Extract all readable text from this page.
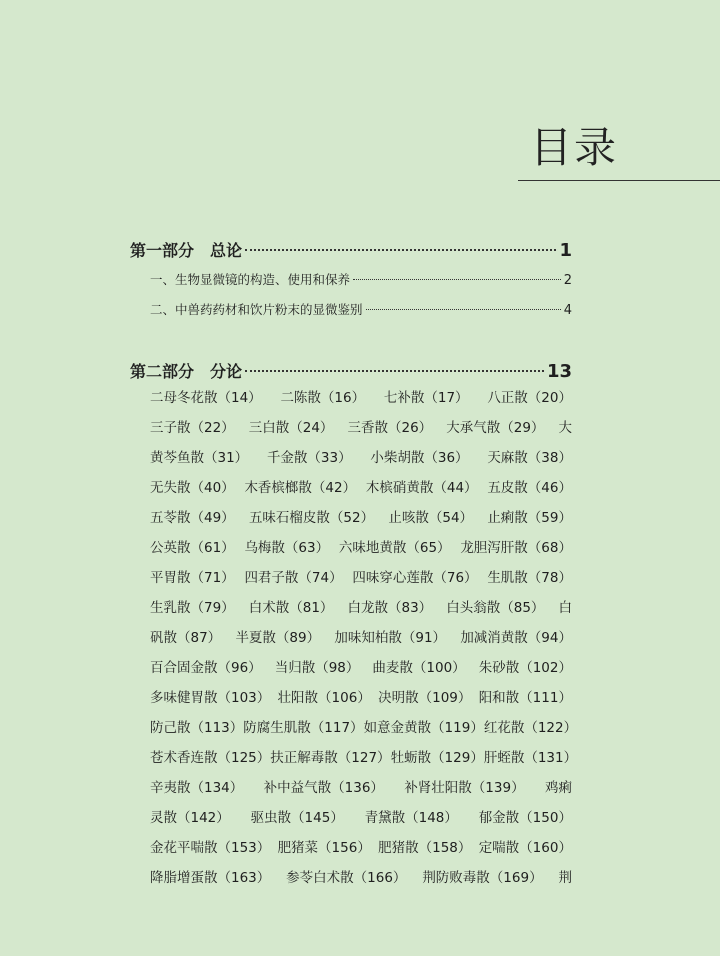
目录
第一部分　总论	1
一、生物显微镜的构造、使用和保养	2
二、中兽药药材和饮片粉末的显微鉴别	4
第二部分　分论	13
二母冬花散（14） 二陈散（16） 七补散（17） 八正散（20）
三子散（22） 三白散（24） 三香散（26） 大承气散（29） 大
黄芩鱼散（31） 千金散（33） 小柴胡散（36） 天麻散（38）
无失散（40） 木香槟榔散（42） 木槟硝黄散（44） 五皮散（46）
五苓散（49） 五味石榴皮散（52） 止咳散（54） 止痢散（59）
公英散（61） 乌梅散（63） 六味地黄散（65） 龙胆泻肝散（68）
平胃散（71） 四君子散（74） 四味穿心莲散（76） 生肌散（78）
生乳散（79） 白术散（81） 白龙散（83） 白头翁散（85） 白
矾散（87） 半夏散（89） 加味知柏散（91） 加减消黄散（94）
百合固金散（96） 当归散（98） 曲麦散（100） 朱砂散（102）
多味健胃散（103） 壮阳散（106） 决明散（109） 阳和散（111）
防己散（113） 防腐生肌散（117） 如意金黄散（119） 红花散（122）
苍术香连散（125） 扶正解毒散（127） 牡蛎散（129） 肝蛭散（131）
辛夷散（134） 补中益气散（136） 补肾壮阳散（139） 鸡痢
灵散（142） 驱虫散（145） 青黛散（148） 郁金散（150）
金花平喘散（153） 肥猪菜（156） 肥猪散（158） 定喘散（160）
降脂增蛋散（163） 参苓白术散（166） 荆防败毒散（169） 荆
